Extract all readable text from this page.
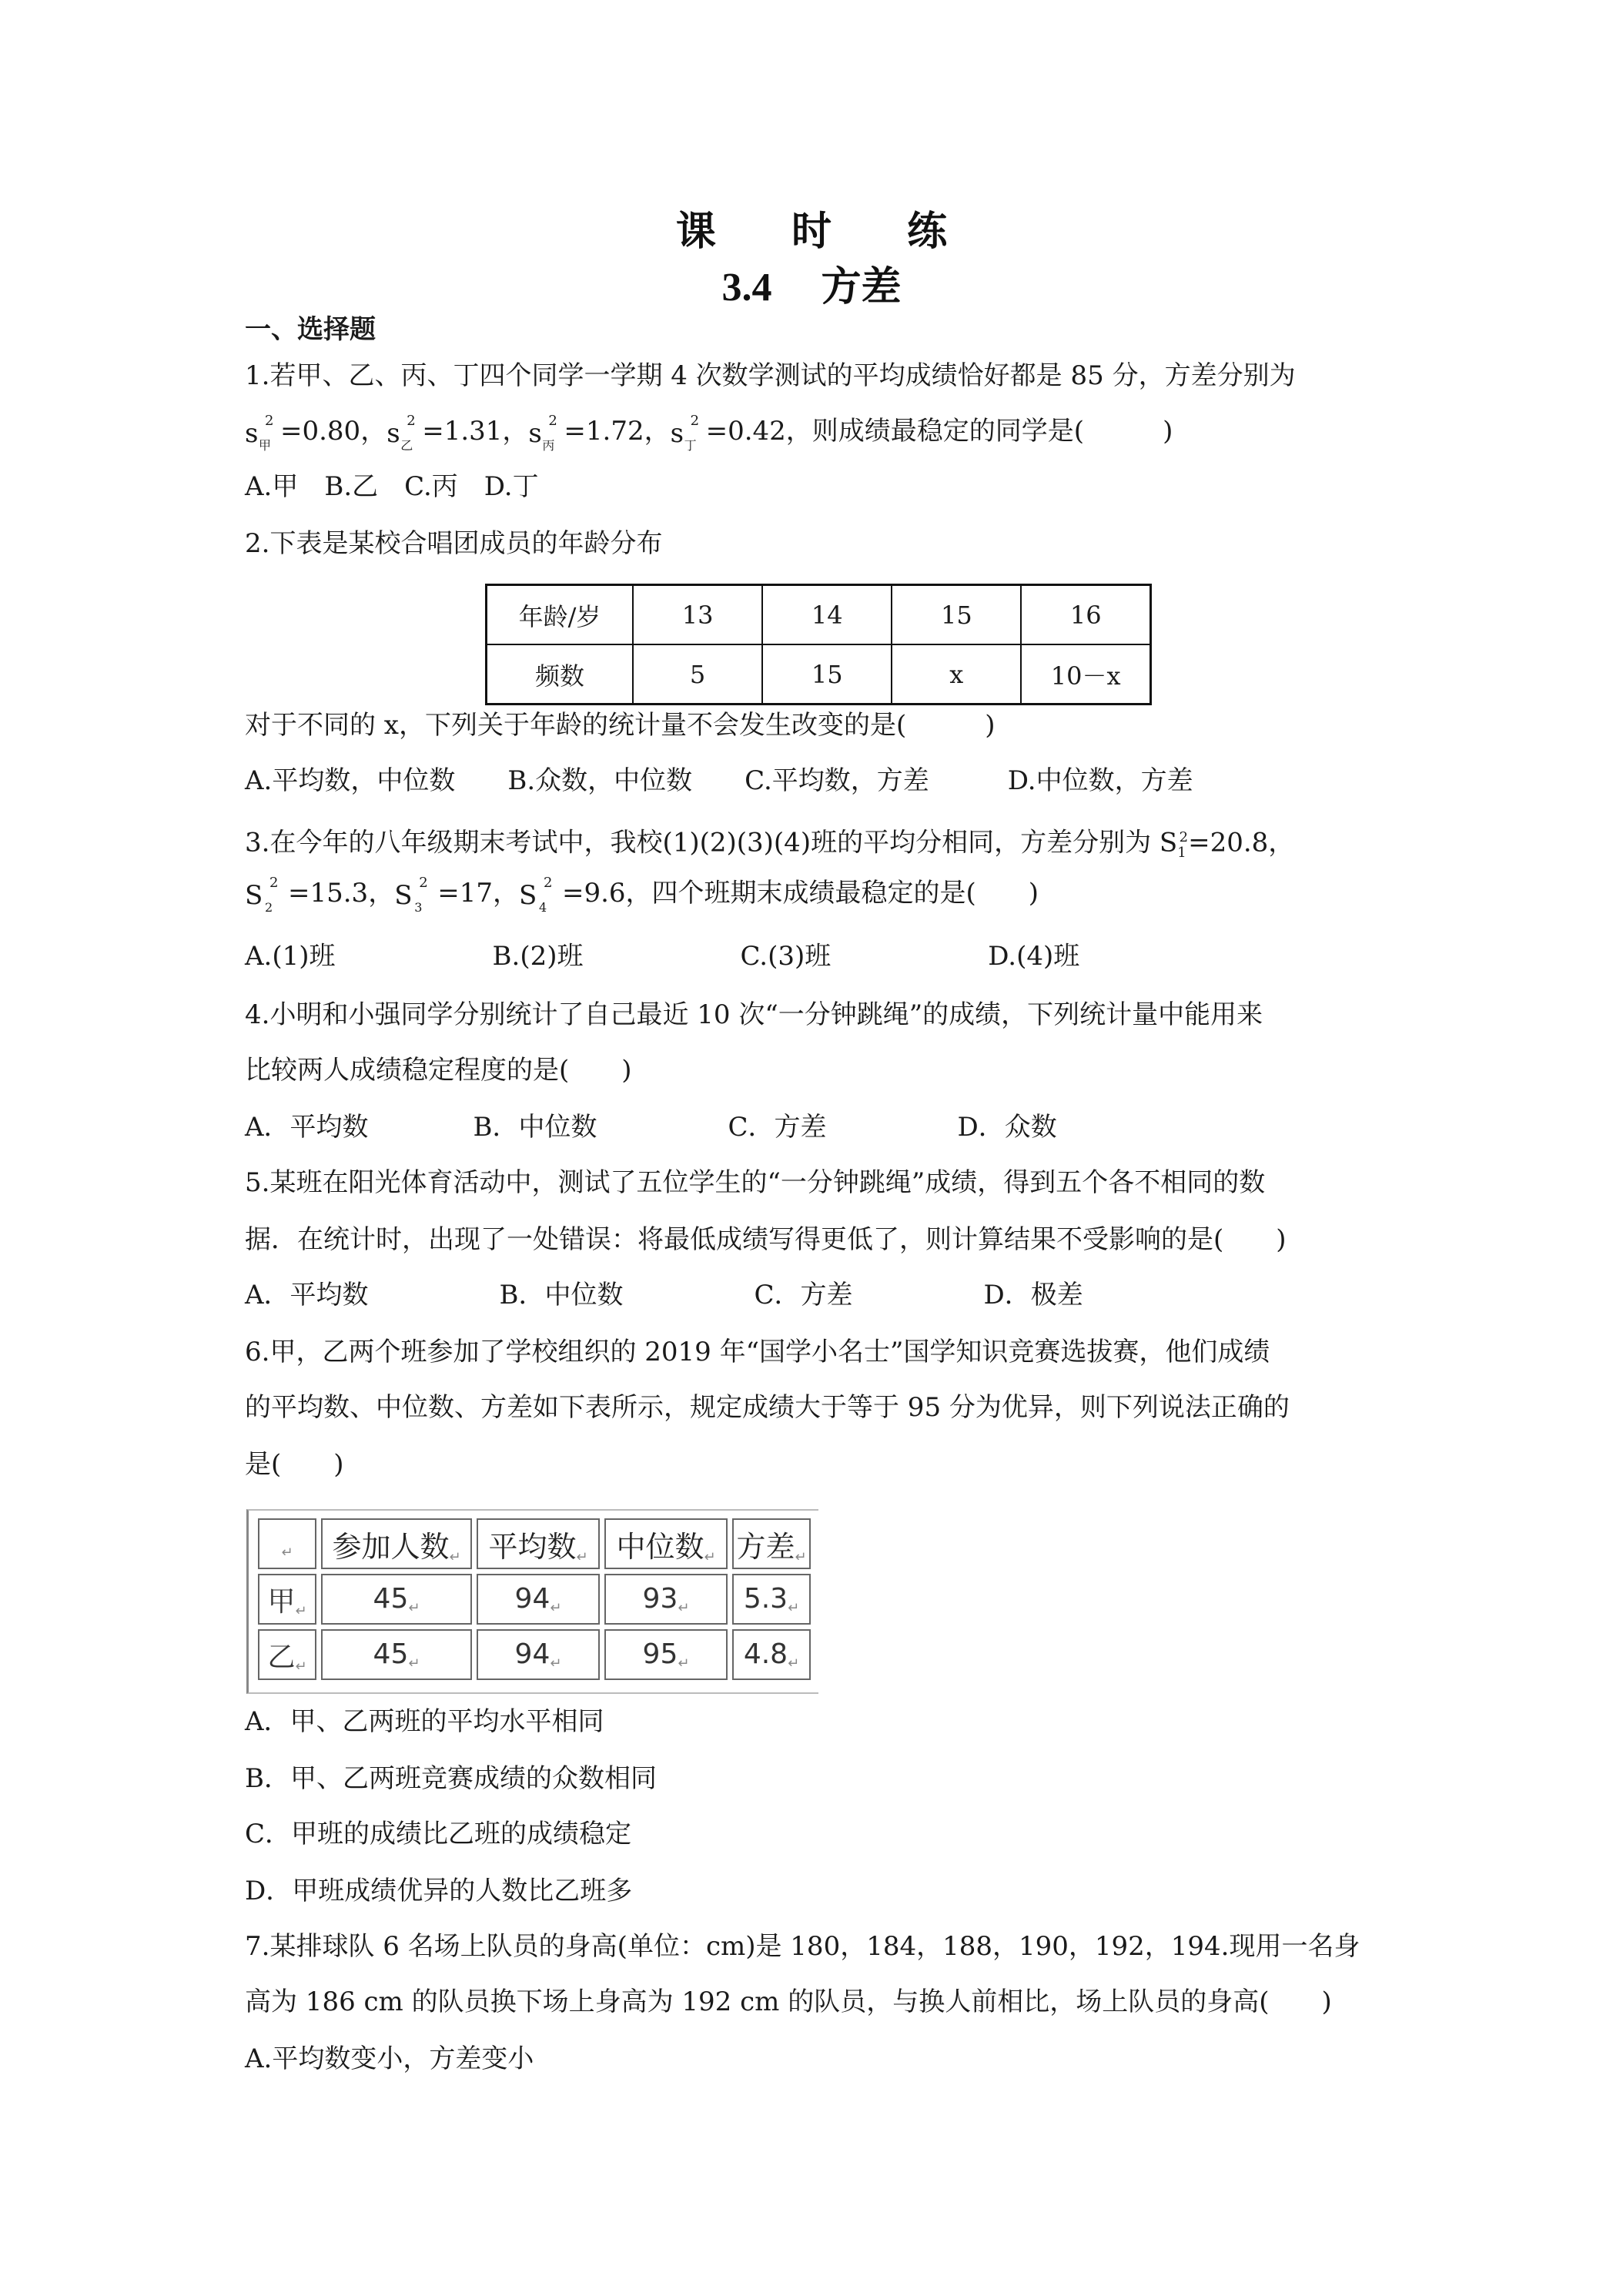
课 时 练
3.4 方差
一、选择题
1.若甲、乙、丙、丁四个同学一学期 4 次数学测试的平均成绩恰好都是 85 分，方差分别为
s 2
甲 =0.80， s 2
乙 =1.31， s 2
丙 =1.72， s 2
丁 =0.42，则成绩最稳定的同学是(　　　)
A.甲　B.乙　C.丙　D.丁
2.下表是某校合唱团成员的年龄分布
年龄/岁	13	14	15	16
频数	5	15	x	10－x
对于不同的 x，下列关于年龄的统计量不会发生改变的是(　　　)
A.平均数，中位数　　B.众数，中位数　　C.平均数，方差　　　D.中位数，方差
3.在今年的八年级期末考试中，我校(1)(2)(3)(4)班的平均分相同，方差分别为 $S_1^2=20.8$，
S 2
2 =15.3， S 2
3 =17， S 2
4 =9.6，四个班期末成绩最稳定的是(　　)
A.(1)班　　　　　　B.(2)班　　　　　　C.(3)班　　　　　　D.(4)班
4.小明和小强同学分别统计了自己最近 10 次“一分钟跳绳”的成绩，下列统计量中能用来
比较两人成绩稳定程度的是(　　)
A．平均数　　　　B．中位数　　　　　C．方差　　　　　D．众数
5.某班在阳光体育活动中，测试了五位学生的“一分钟跳绳”成绩，得到五个各不相同的数
据．在统计时，出现了一处错误：将最低成绩写得更低了，则计算结果不受影响的是(　　)
A．平均数　　　　　B．中位数　　　　　C．方差　　　　　D．极差
6.甲，乙两个班参加了学校组织的 2019 年“国学小名士”国学知识竞赛选拔赛，他们成绩
的平均数、中位数、方差如下表所示，规定成绩大于等于 95 分为优异，则下列说法正确的
是(　　)
↵	参加人数↵	平均数↵	中位数↵	方差↵
甲↵	45↵	94↵	93↵	5.3↵
乙↵	45↵	94↵	95↵	4.8↵
A．甲、乙两班的平均水平相同
B．甲、乙两班竞赛成绩的众数相同
C．甲班的成绩比乙班的成绩稳定
D．甲班成绩优异的人数比乙班多
7.某排球队 6 名场上队员的身高(单位：cm)是 180，184，188，190，192，194.现用一名身
高为 186 cm 的队员换下场上身高为 192 cm 的队员，与换人前相比，场上队员的身高(　　)
A.平均数变小，方差变小
